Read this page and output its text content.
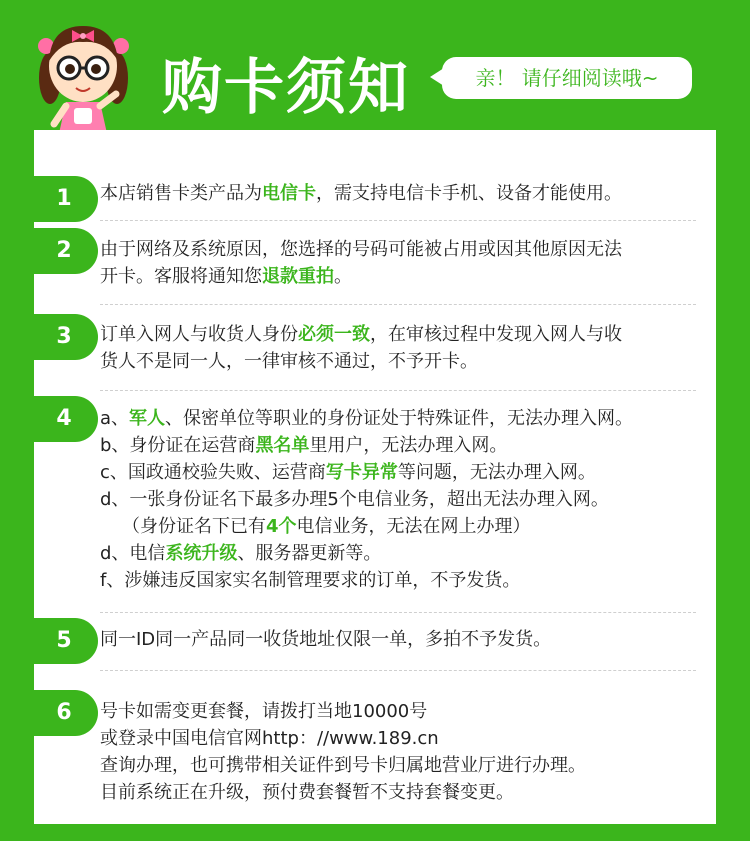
购卡须知	亲！ 请仔细阅读哦~
1	本店销售卡类产品为电信卡，需支持电信卡手机、设备才能使用。
2	由于网络及系统原因，您选择的号码可能被占用或因其他原因无法
开卡。客服将通知您退款重拍。
3	订单入网人与收货人身份必须一致，在审核过程中发现入网人与收
货人不是同一人，一律审核不通过，不予开卡。
4	a、军人、保密单位等职业的身份证处于特殊证件，无法办理入网。
b、身份证在运营商黑名单里用户，无法办理入网。
c、国政通校验失败、运营商写卡异常等问题，无法办理入网。
d、一张身份证名下最多办理5个电信业务，超出无法办理入网。
（身份证名下已有4个电信业务，无法在网上办理）
d、电信系统升级、服务器更新等。
f、涉嫌违反国家实名制管理要求的订单，不予发货。
5	同一ID同一产品同一收货地址仅限一单，多拍不予发货。
6	号卡如需变更套餐，请拨打当地10000号
或登录中国电信官网http：//www.189.cn
查询办理，也可携带相关证件到号卡归属地营业厅进行办理。
目前系统正在升级，预付费套餐暂不支持套餐变更。
